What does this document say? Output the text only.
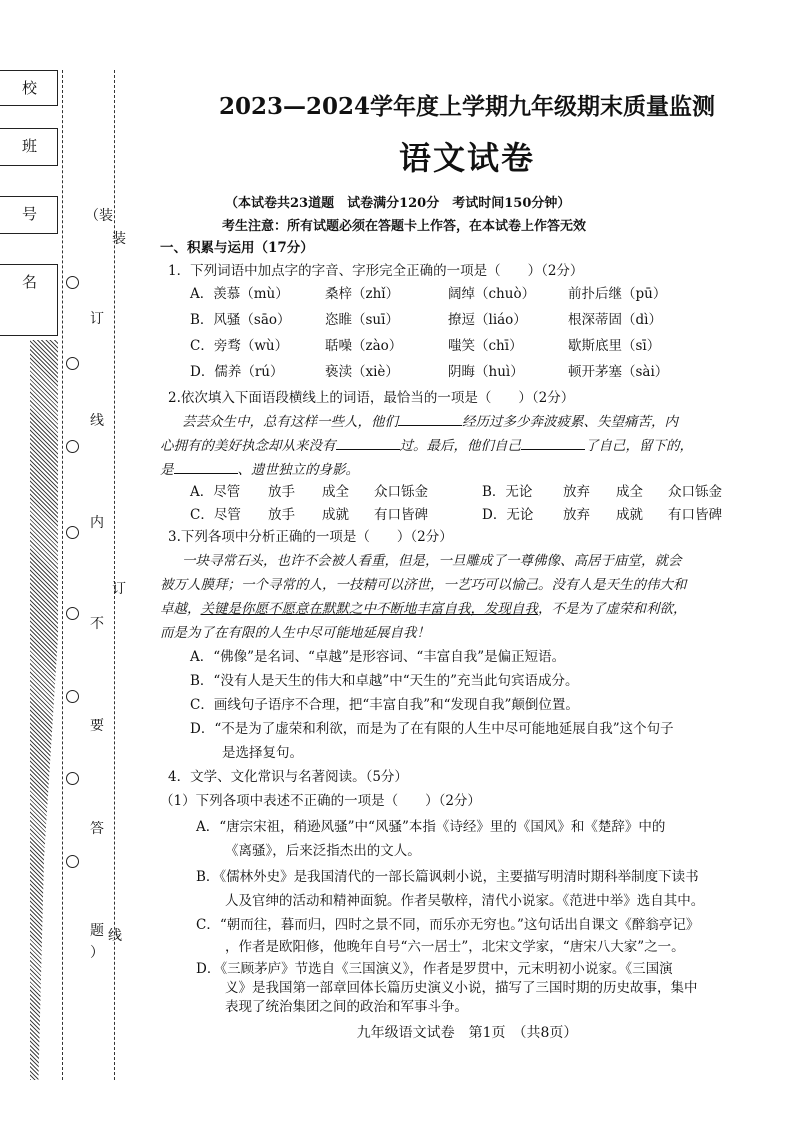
校
班
号
名
（装
订
线
内
不
要
答
题
）
装
订
线
2023—2024学年度上学期九年级期末质量监测
语文试卷
（本试卷共23道题　试卷满分120分　考试时间150分钟）
考生注意：所有试题必须在答题卡上作答，在本试卷上作答无效
一、积累与运用（17分）
1．下列词语中加点字的字音、字形完全正确的一项是（　　）（2分）
A．羡慕（mù）	桑梓（zhǐ）	阔绰（chuò） 前扑后继（pū）
B．风骚（sāo）	恣睢（suī）	撩逗（liáo）	根深蒂固（dì）
C．旁骛（wù）	聒噪（zào）	嗤笑（chī）	歇斯底里（sī）
D．儒养（rú）	亵渎（xiè）	阴晦（huì）	顿开茅塞（sài）
2.依次填入下面语段横线上的词语，最恰当的一项是（　　）（2分）
芸芸众生中，总有这样一些人，他们	经历过多少奔波疲累、失望痛苦，内
心拥有的美好执念却从来没有	过。最后，他们自己	了自己，留下的，
是	、遗世独立的身影。
A．尽管 放手 成全 众口铄金	B．无论 放弃 成全 众口铄金
C．尽管 放手 成就 有口皆碑	D．无论 放弃 成就 有口皆碑
3.下列各项中分析正确的一项是（　　）（2分）
一块寻常石头，也许不会被人看重，但是，一旦雕成了一尊佛像、高居于庙堂，就会
被万人膜拜；一个寻常的人，一技精可以济世，一艺巧可以愉己。没有人是天生的伟大和
卓越，关键是你愿不愿意在默默之中不断地丰富自我，发现自我，不是为了虚荣和利欲，
而是为了在有限的人生中尽可能地延展自我！
A．“佛像”是名词、“卓越”是形容词、“丰富自我”是偏正短语。
B．“没有人是天生的伟大和卓越”中“天生的”充当此句宾语成分。
C．画线句子语序不合理，把“丰富自我”和“发现自我”颠倒位置。
D．“不是为了虚荣和利欲，而是为了在有限的人生中尽可能地延展自我”这个句子
是选择复句。
4．文学、文化常识与名著阅读。（5分）
（1）下列各项中表述不正确的一项是（　　）（2分）
A．“唐宗宋祖，稍逊风骚”中“风骚”本指《诗经》里的《国风》和《楚辞》中的
《离骚》，后来泛指杰出的文人。
B．《儒林外史》是我国清代的一部长篇讽刺小说，主要描写明清时期科举制度下读书
人及官绅的活动和精神面貌。作者吴敬梓，清代小说家。《范进中举》选自其中。
C．“朝而往，暮而归，四时之景不同，而乐亦无穷也。”这句话出自课文《醉翁亭记》
，作者是欧阳修，他晚年自号“六一居士”，北宋文学家，“唐宋八大家”之一。
D．《三顾茅庐》节选自《三国演义》，作者是罗贯中，元末明初小说家。《三国演
义》是我国第一部章回体长篇历史演义小说，描写了三国时期的历史故事，集中
表现了统治集团之间的政治和军事斗争。
九年级语文试卷　第1页　（共8页）
